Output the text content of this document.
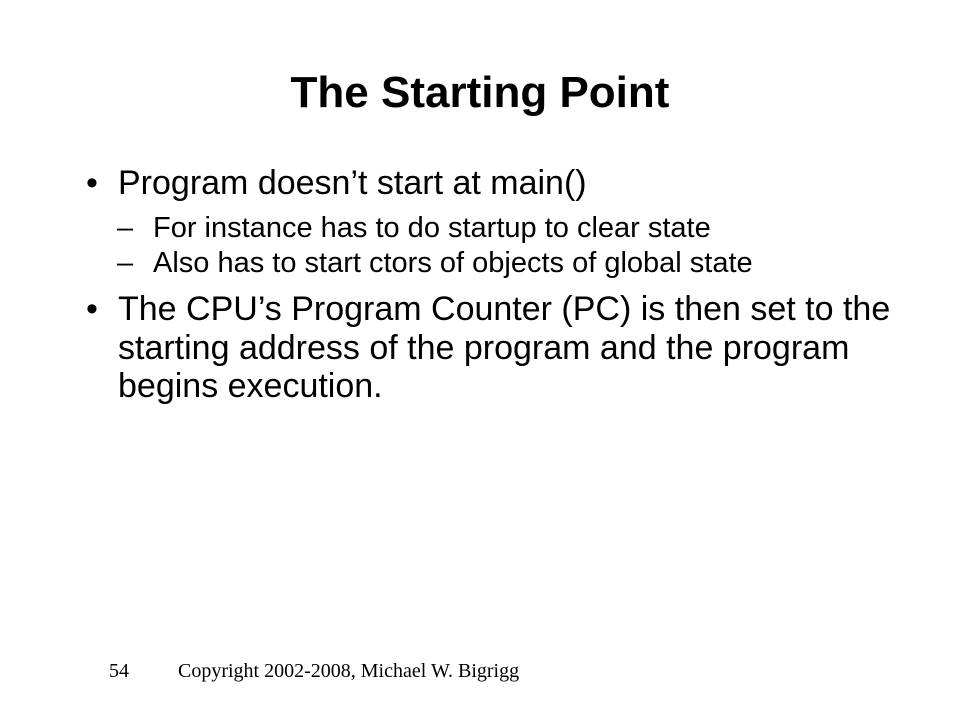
The Starting Point
• Program doesn’t start at main()
– For instance has to do startup to clear state
– Also has to start ctors of objects of global state
• The CPU’s Program Counter (PC) is then set to the
starting address of the program and the program
begins execution.
54 Copyright 2002-2008, Michael W. Bigrigg
